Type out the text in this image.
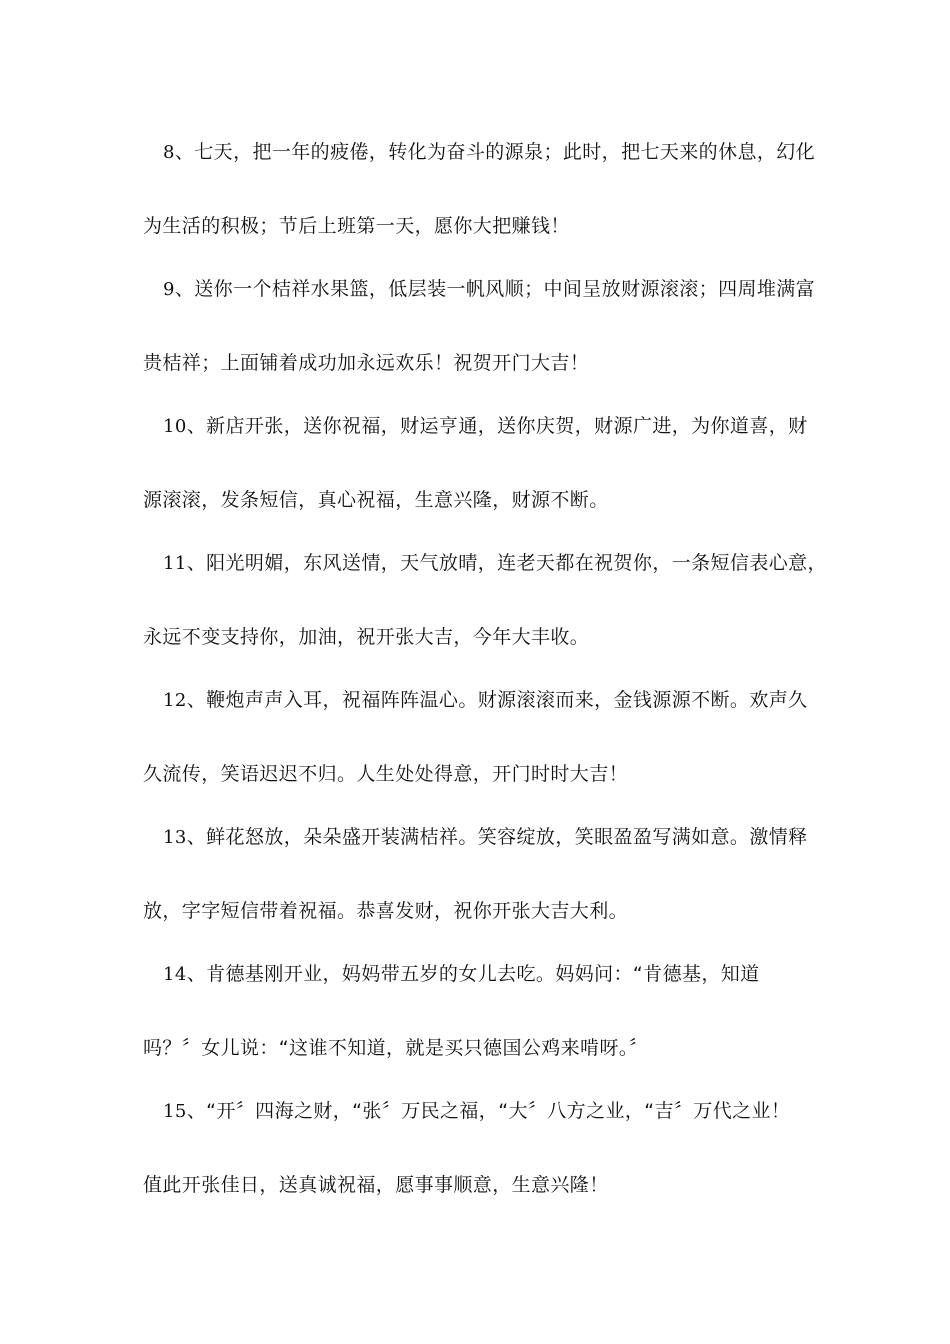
8、七天，把一年的疲倦，转化为奋斗的源泉；此时，把七天来的休息，幻化
为生活的积极；节后上班第一天，愿你大把赚钱！
9、送你一个桔祥水果篮，低层装一帆风顺；中间呈放财源滚滚；四周堆满富
贵桔祥；上面铺着成功加永远欢乐！祝贺开门大吉！
10、新店开张，送你祝福，财运亨通，送你庆贺，财源广进，为你道喜，财
源滚滚，发条短信，真心祝福，生意兴隆，财源不断。
11、阳光明媚，东风送情，天气放晴，连老天都在祝贺你，一条短信表心意，
永远不变支持你，加油，祝开张大吉，今年大丰收。
12、鞭炮声声入耳，祝福阵阵温心。财源滚滚而来，金钱源源不断。欢声久
久流传，笑语迟迟不归。人生处处得意，开门时时大吉！
13、鲜花怒放，朵朵盛开装满桔祥。笑容绽放，笑眼盈盈写满如意。激情释
放，字字短信带着祝福。恭喜发财，祝你开张大吉大利。
14、肯德基刚开业，妈妈带五岁的女儿去吃。妈妈问：“肯德基，知道
吗？〞女儿说：“这谁不知道，就是买只德国公鸡来啃呀。〞
15、“开〞四海之财，“张〞万民之福，“大〞八方之业，“吉〞万代之业！
值此开张佳日，送真诚祝福，愿事事顺意，生意兴隆！
